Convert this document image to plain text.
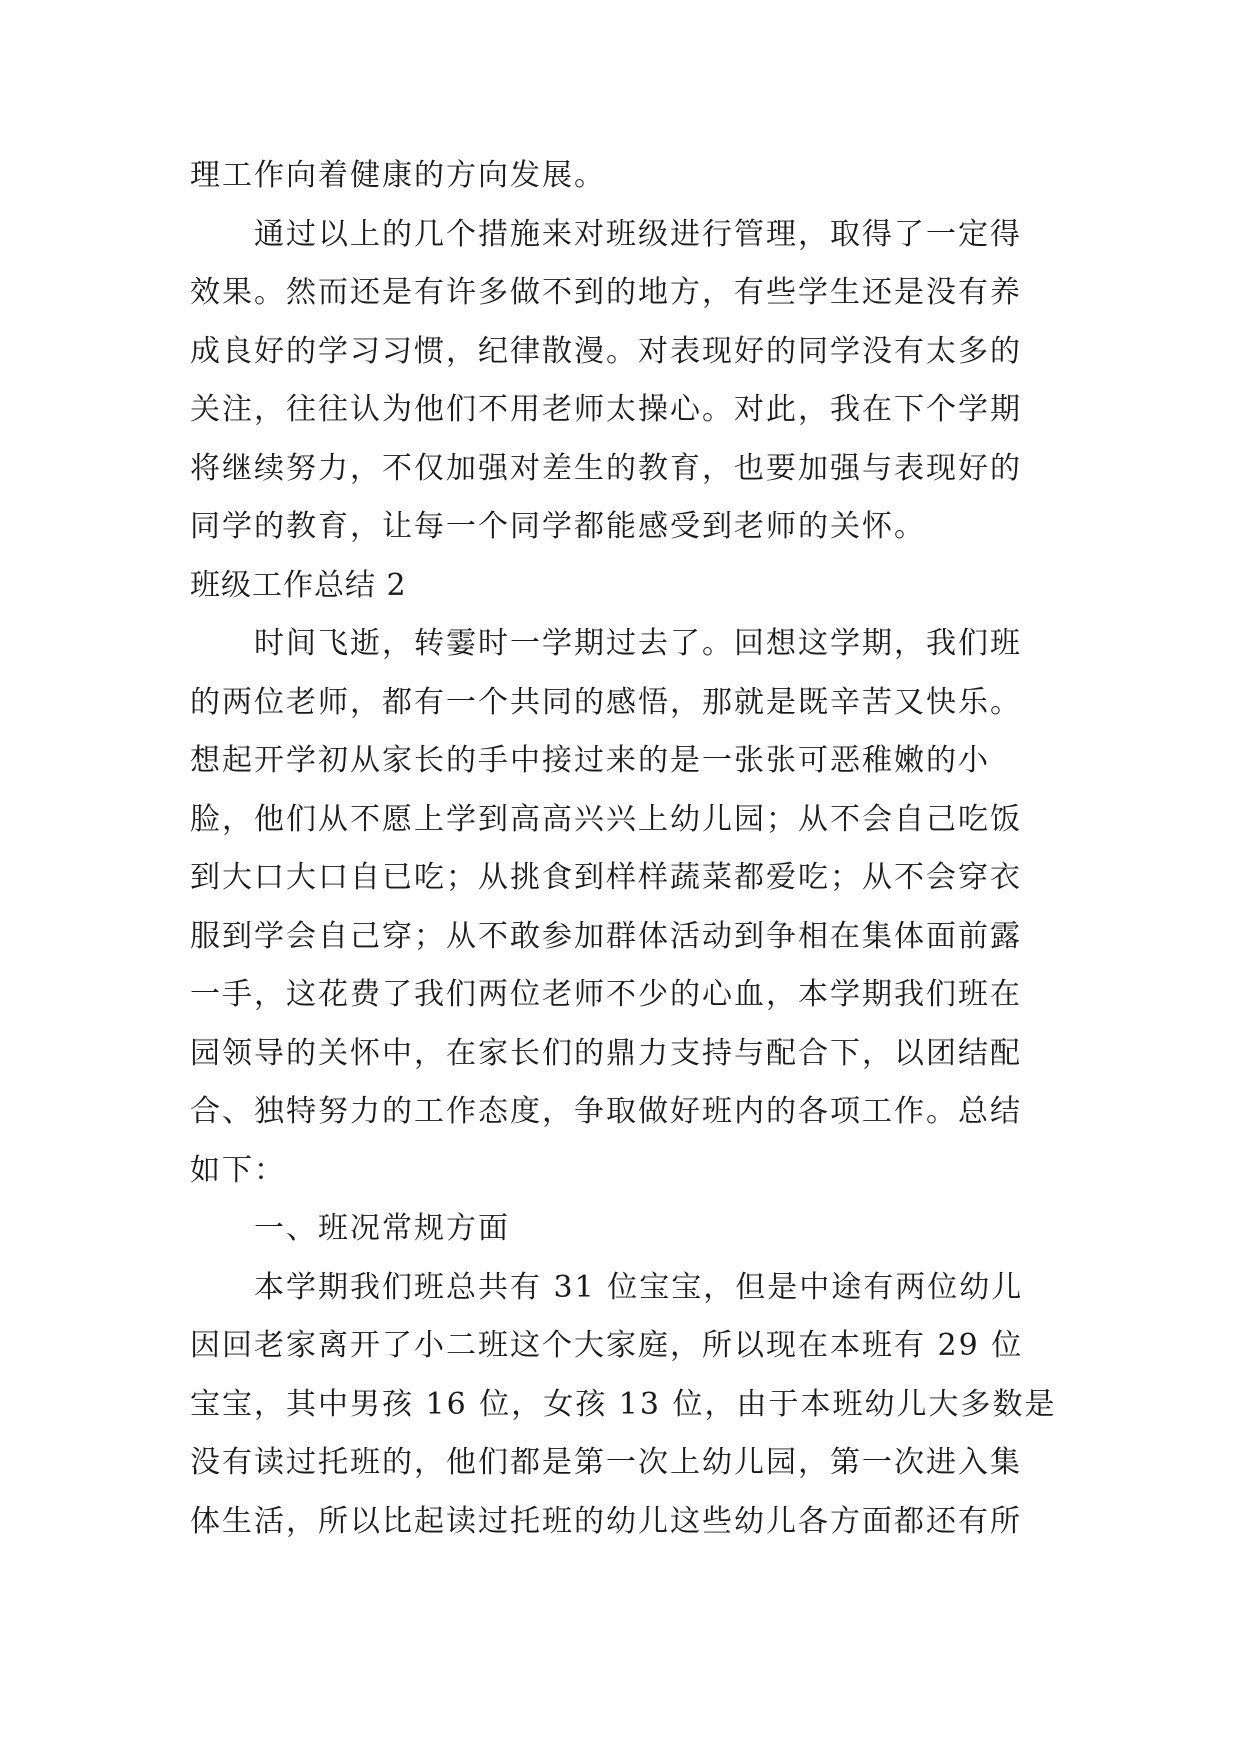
理工作向着健康的方向发展。

通过以上的几个措施来对班级进行管理，取得了一定得

效果。然而还是有许多做不到的地方，有些学生还是没有养

成良好的学习习惯，纪律散漫。对表现好的同学没有太多的

关注，往往认为他们不用老师太操心。对此，我在下个学期

将继续努力，不仅加强对差生的教育，也要加强与表现好的

同学的教育，让每一个同学都能感受到老师的关怀。

班级工作总结 2

时间飞逝，转霎时一学期过去了。回想这学期，我们班

的两位老师，都有一个共同的感悟，那就是既辛苦又快乐。

想起开学初从家长的手中接过来的是一张张可恶稚嫩的小

脸，他们从不愿上学到高高兴兴上幼儿园；从不会自己吃饭

到大口大口自已吃；从挑食到样样蔬菜都爱吃；从不会穿衣

服到学会自己穿；从不敢参加群体活动到争相在集体面前露

一手，这花费了我们两位老师不少的心血，本学期我们班在

园领导的关怀中，在家长们的鼎力支持与配合下，以团结配

合、独特努力的工作态度，争取做好班内的各项工作。总结

如下：

一、班况常规方面

本学期我们班总共有 31 位宝宝，但是中途有两位幼儿

因回老家离开了小二班这个大家庭，所以现在本班有 29 位

宝宝，其中男孩 16 位，女孩 13 位，由于本班幼儿大多数是

没有读过托班的，他们都是第一次上幼儿园，第一次进入集

体生活，所以比起读过托班的幼儿这些幼儿各方面都还有所
